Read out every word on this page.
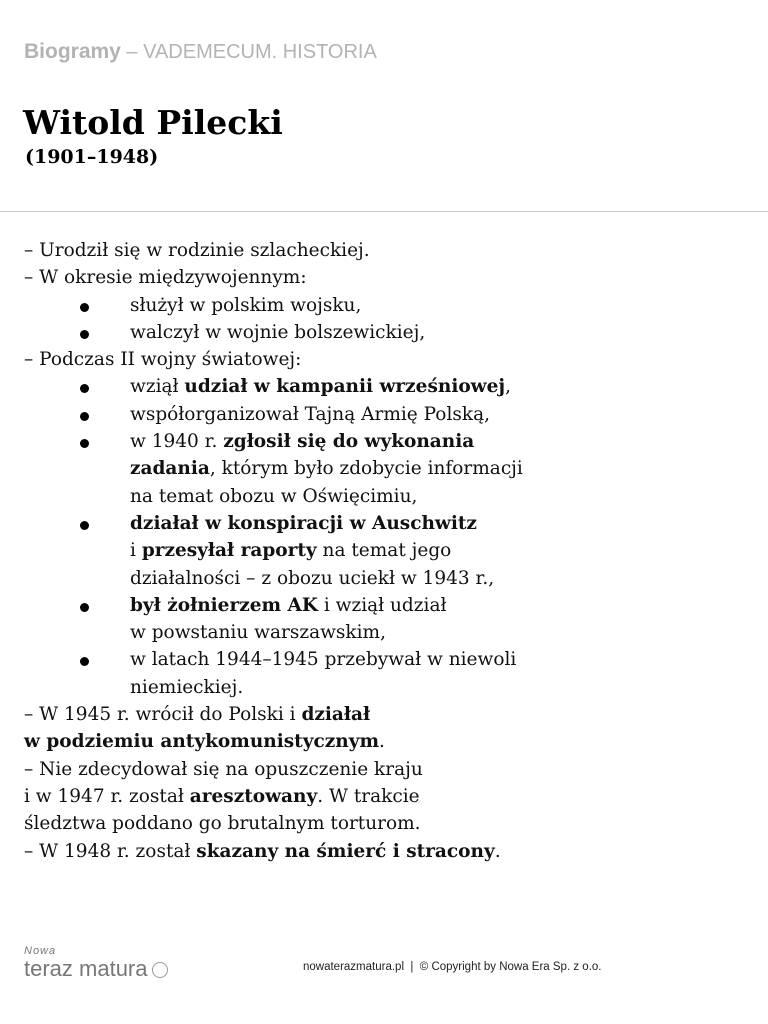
Biogramy – VADEMECUM. HISTORIA
Witold Pilecki
(1901–1948)
– Urodził się w rodzinie szlacheckiej.
– W okresie międzywojennym:
służył w polskim wojsku,
walczył w wojnie bolszewickiej,
– Podczas II wojny światowej:
wziął udział w kampanii wrześniowej,
współorganizował Tajną Armię Polską,
w 1940 r. zgłosił się do wykonania
zadania, którym było zdobycie informacji
na temat obozu w Oświęcimiu,
działał w konspiracji w Auschwitz
i przesyłał raporty na temat jego
działalności – z obozu uciekł w 1943 r.,
był żołnierzem AK i wziął udział
w powstaniu warszawskim,
w latach 1944–1945 przebywał w niewoli
niemieckiej.
– W 1945 r. wrócił do Polski i działał
w podziemiu antykomunistycznym.
– Nie zdecydował się na opuszczenie kraju
i w 1947 r. został aresztowany. W trakcie
śledztwa poddano go brutalnym torturom.
– W 1948 r. został skazany na śmierć i stracony.
Nowa
teraz matura	nowaterazmatura.pl | © Copyright by Nowa Era Sp. z o.o.
